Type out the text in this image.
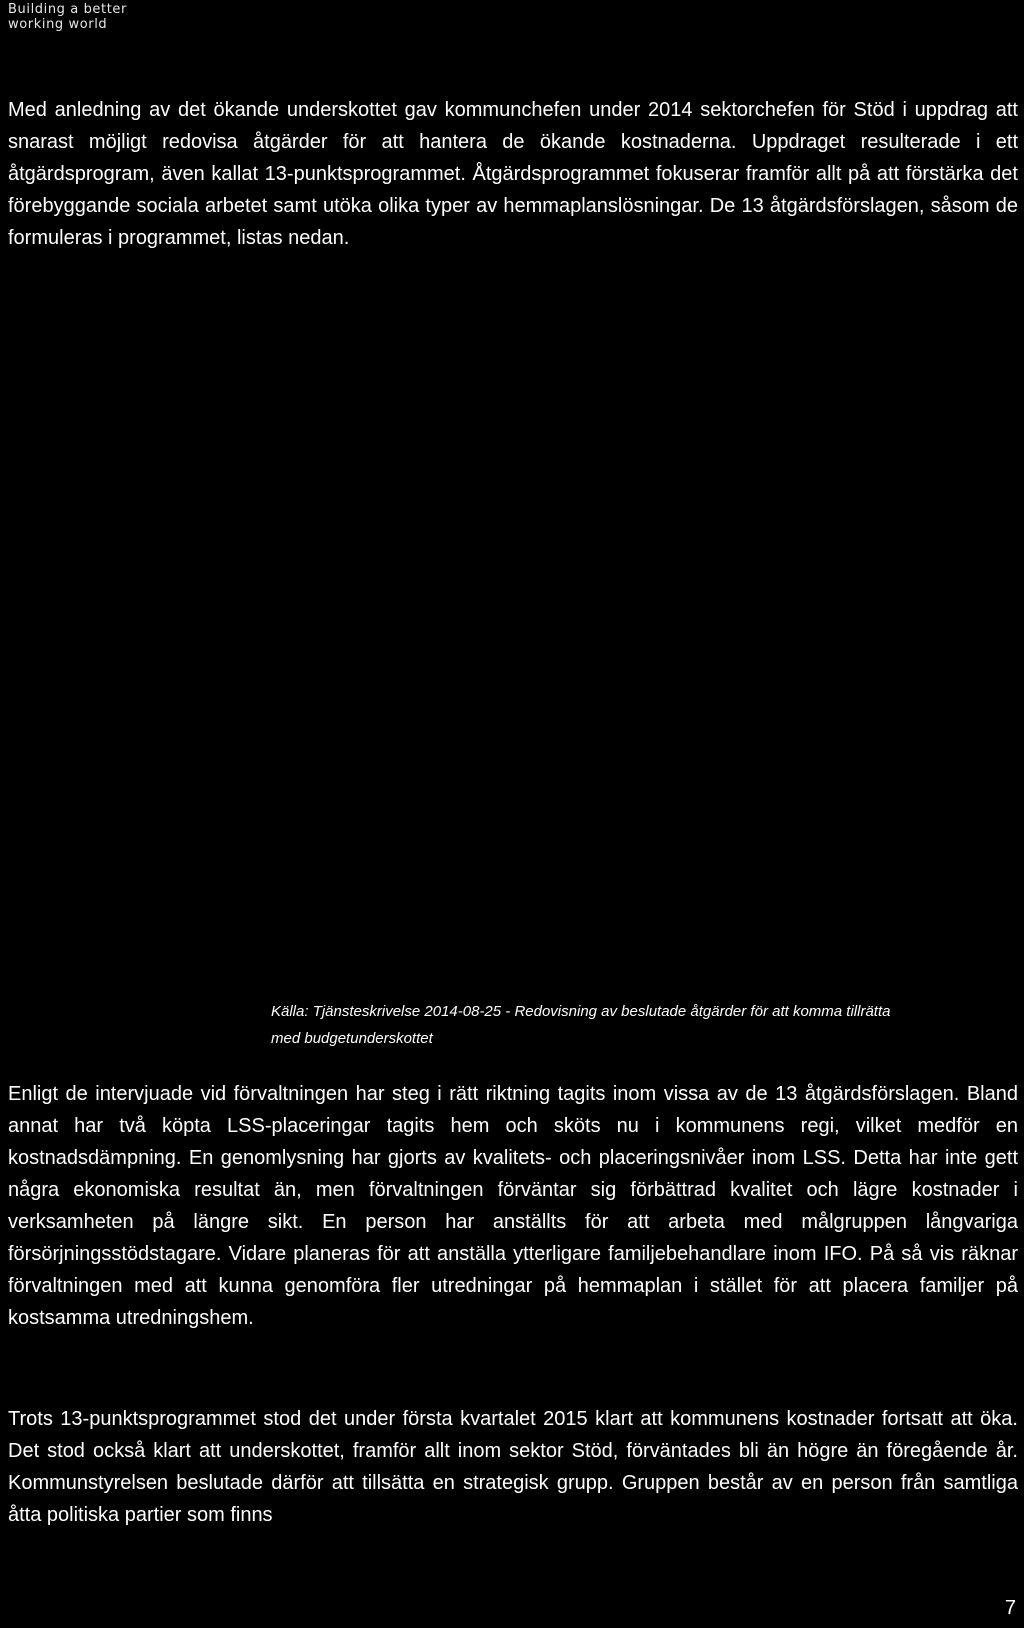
Building a better
working world

Med anledning av det ökande underskottet gav kommunchefen under 2014 sektorchefen för Stöd i uppdrag att snarast möjligt redovisa åtgärder för att hantera de ökande kostnaderna. Uppdraget resulterade i ett åtgärdsprogram, även kallat 13-punktsprogrammet. Åtgärdsprogrammet fokuserar framför allt på att förstärka det förebyggande sociala arbetet samt utöka olika typer av hemmaplanslösningar. De 13 åtgärdsförslagen, såsom de formuleras i programmet, listas nedan.

Källa: Tjänsteskrivelse 2014-08-25 - Redovisning av beslutade åtgärder för att komma tillrätta med budgetunderskottet

Enligt de intervjuade vid förvaltningen har steg i rätt riktning tagits inom vissa av de 13 åtgärdsförslagen. Bland annat har två köpta LSS-placeringar tagits hem och sköts nu i kommunens regi, vilket medför en kostnadsdämpning. En genomlysning har gjorts av kvalitets- och placeringsnivåer inom LSS. Detta har inte gett några ekonomiska resultat än, men förvaltningen förväntar sig förbättrad kvalitet och lägre kostnader i verksamheten på längre sikt. En person har anställts för att arbeta med målgruppen långvariga försörjningsstödstagare. Vidare planeras för att anställa ytterligare familjebehandlare inom IFO. På så vis räknar förvaltningen med att kunna genomföra fler utredningar på hemmaplan i stället för att placera familjer på kostsamma utredningshem.

Trots 13-punktsprogrammet stod det under första kvartalet 2015 klart att kommunens kostnader fortsatt att öka. Det stod också klart att underskottet, framför allt inom sektor Stöd, förväntades bli än högre än föregående år. Kommunstyrelsen beslutade därför att tillsätta en strategisk grupp. Gruppen består av en person från samtliga åtta politiska partier som finns

7
